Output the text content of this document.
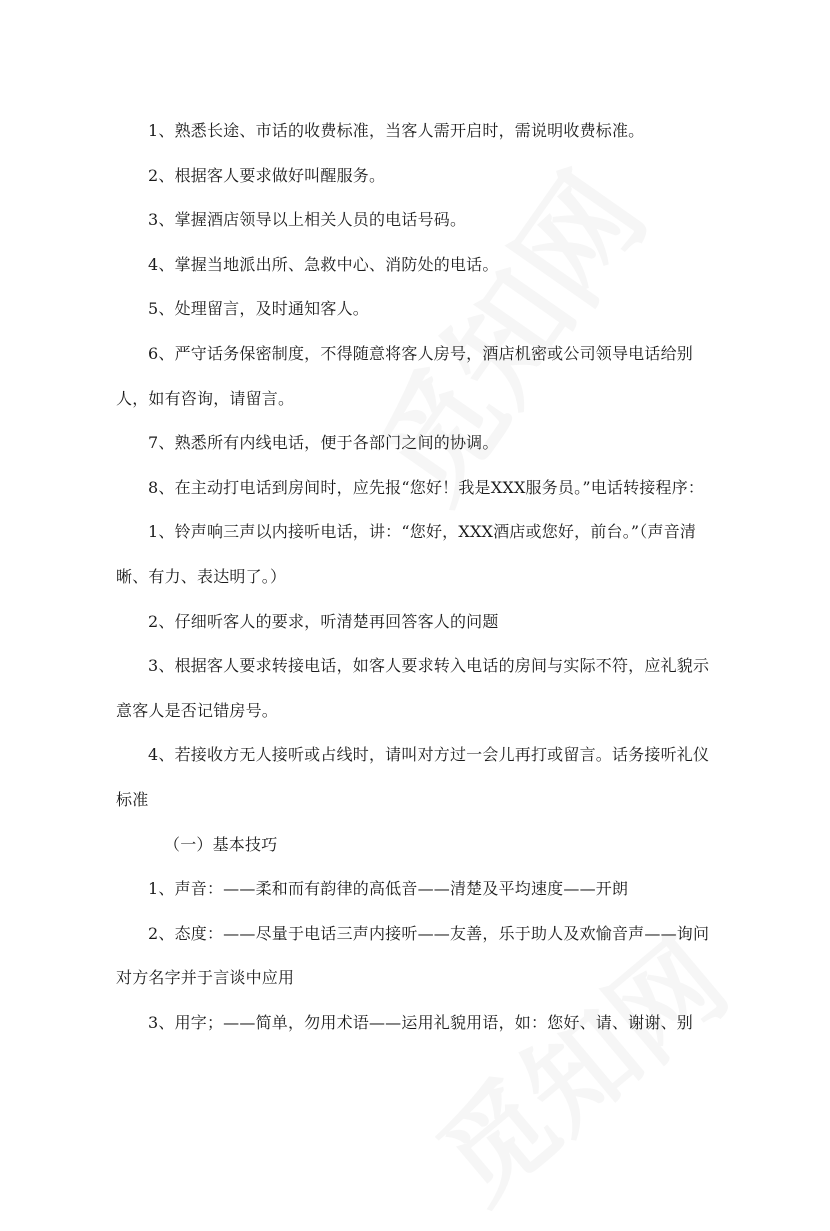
1、熟悉长途、市话的收费标准，当客人需开启时，需说明收费标准。

2、根据客人要求做好叫醒服务。

3、掌握酒店领导以上相关人员的电话号码。

4、掌握当地派出所、急救中心、消防处的电话。

5、处理留言，及时通知客人。

6、严守话务保密制度，不得随意将客人房号，酒店机密或公司领导电话给别人，如有咨询，请留言。

7、熟悉所有内线电话，便于各部门之间的协调。

8、在主动打电话到房间时，应先报“您好！我是XXX服务员。”电话转接程序：

1、铃声响三声以内接听电话，讲：“您好，XXX酒店或您好，前台。”（声音清晰、有力、表达明了。）

2、仔细听客人的要求，听清楚再回答客人的问题

3、根据客人要求转接电话，如客人要求转入电话的房间与实际不符，应礼貌示意客人是否记错房号。

4、若接收方无人接听或占线时，请叫对方过一会儿再打或留言。话务接听礼仪标准

（一）基本技巧

1、声音：——柔和而有韵律的高低音——清楚及平均速度——开朗

2、态度：——尽量于电话三声内接听——友善，乐于助人及欢愉音声——询问对方名字并于言谈中应用

3、用字；——简单，勿用术语——运用礼貌用语，如：您好、请、谢谢、别
